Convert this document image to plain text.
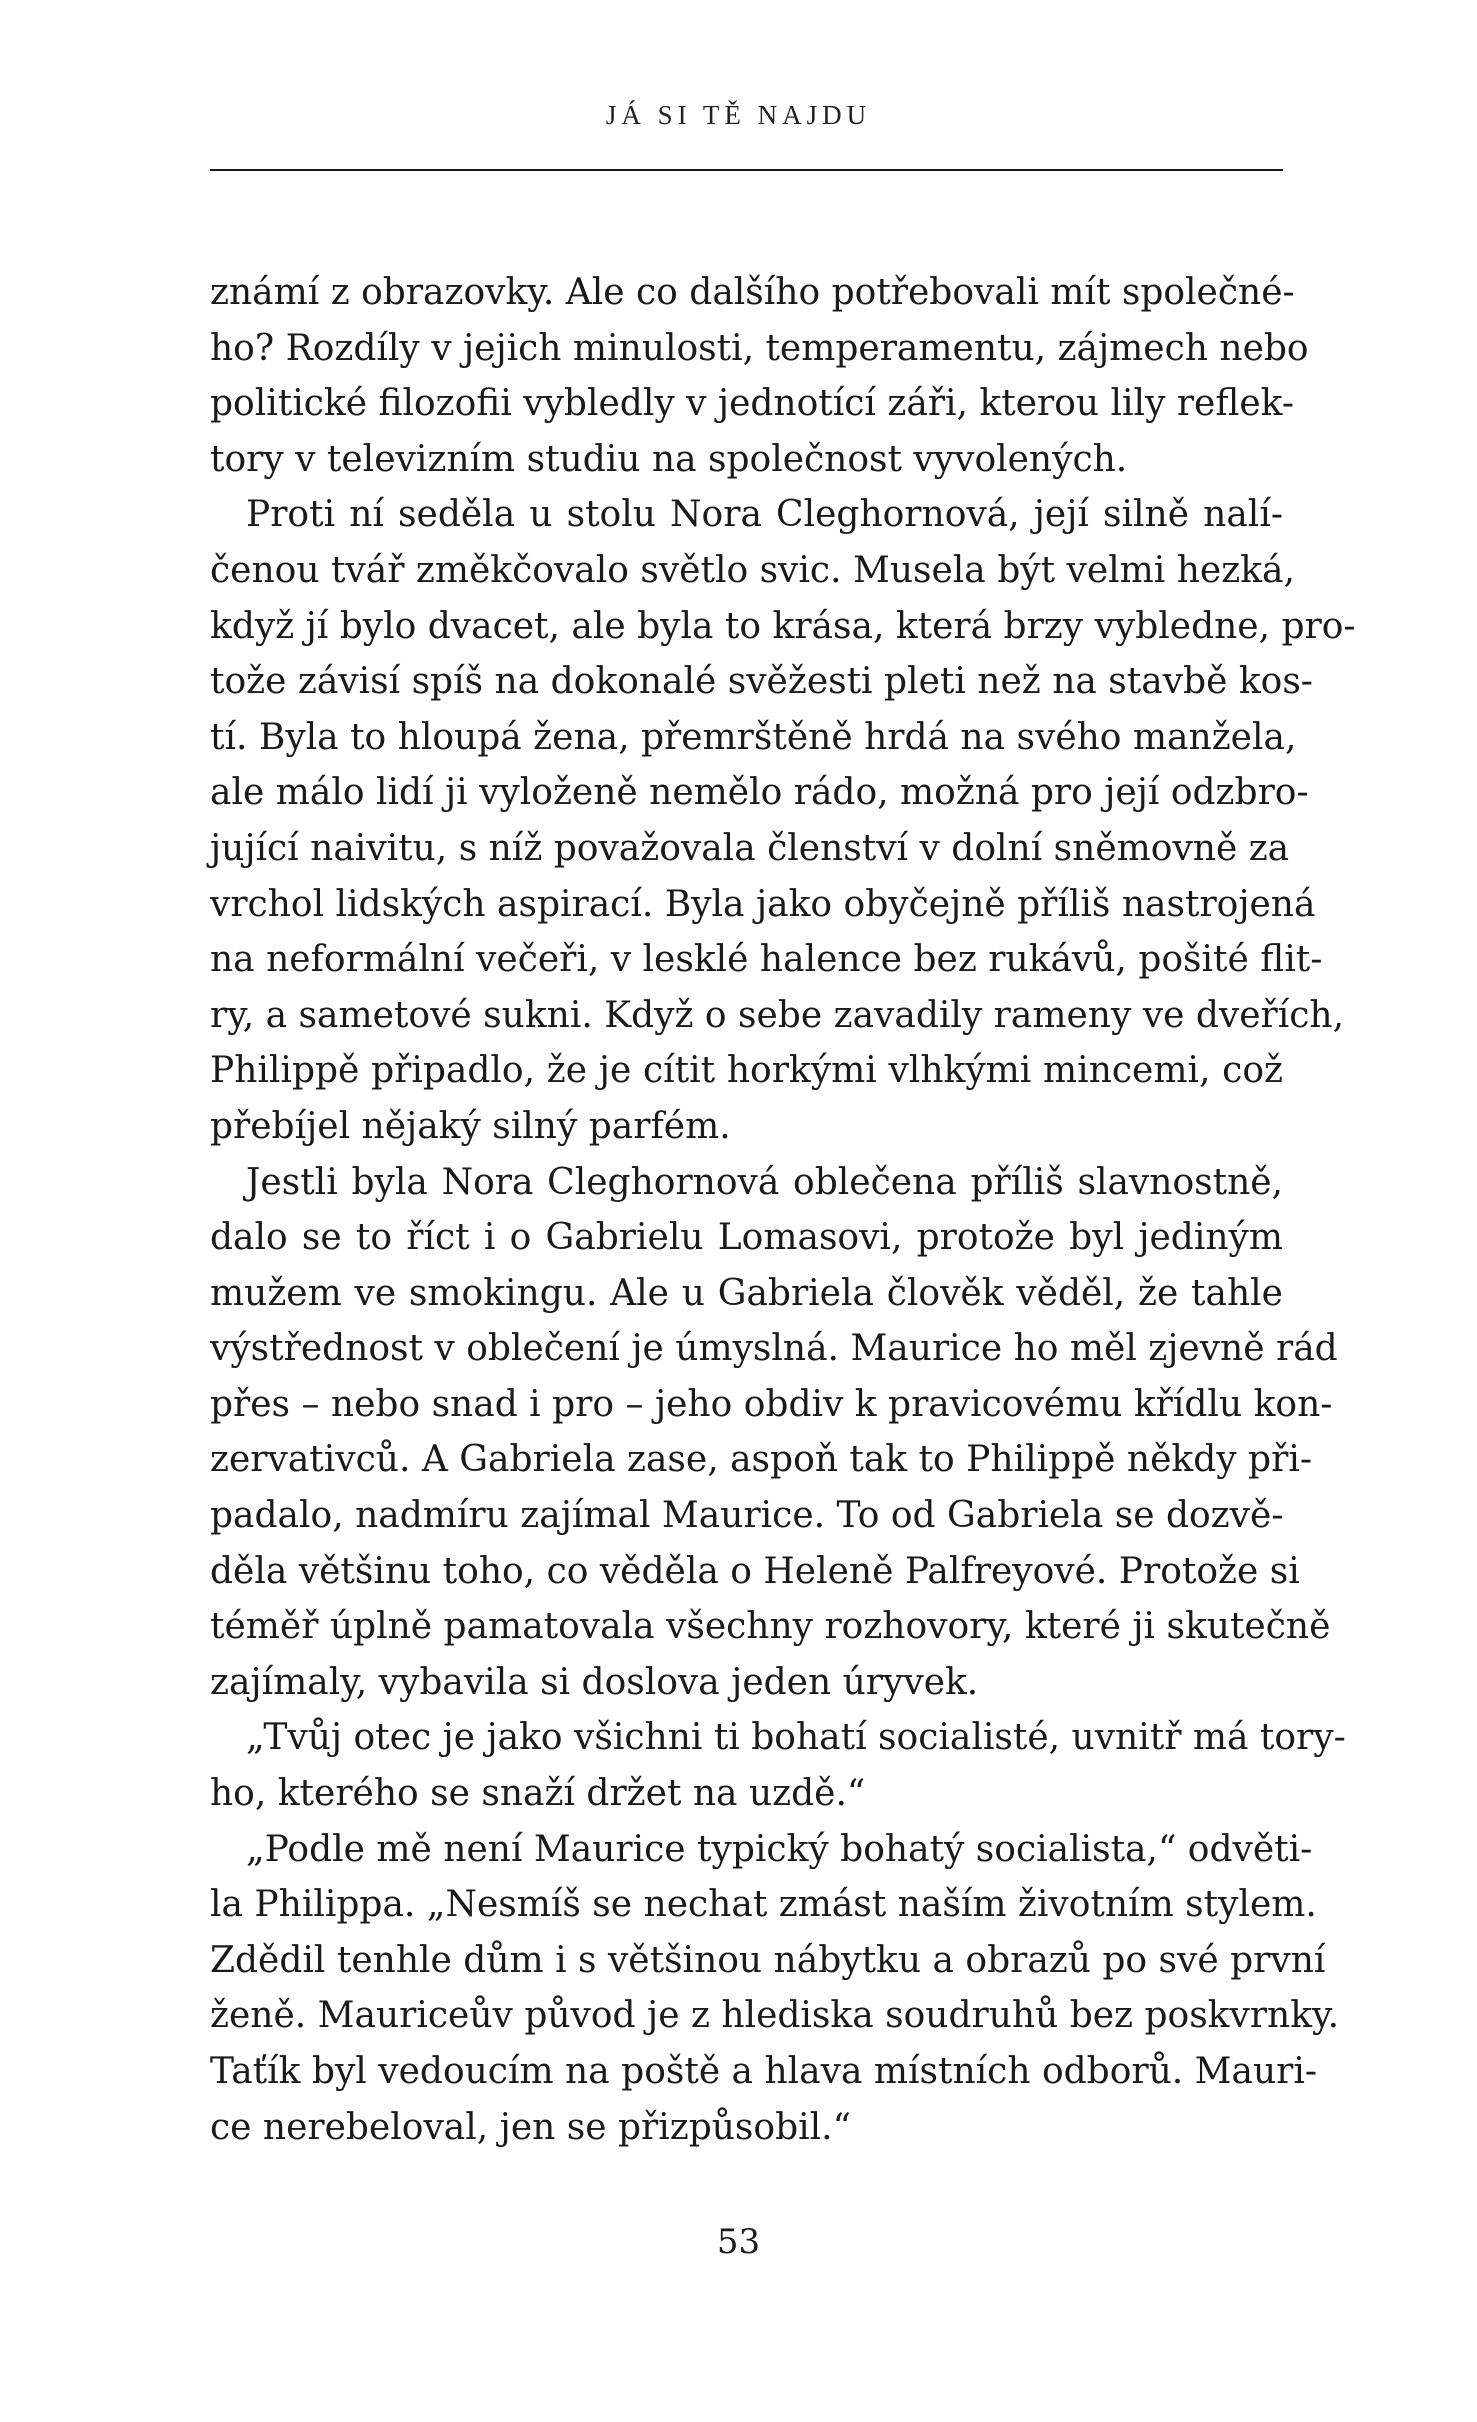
JÁ SI TĚ NAJDU
známí z obrazovky. Ale co dalšího potřebovali mít společné-
ho? Rozdíly v jejich minulosti, temperamentu, zájmech nebo
politické filozofii vybledly v jednotící záři, kterou lily reflek-
tory v televizním studiu na společnost vyvolených.
Proti ní seděla u stolu Nora Cleghornová, její silně nalí-
čenou tvář změkčovalo světlo svic. Musela být velmi hezká,
když jí bylo dvacet, ale byla to krása, která brzy vybledne, pro-
tože závisí spíš na dokonalé svěžesti pleti než na stavbě kos-
tí. Byla to hloupá žena, přemrštěně hrdá na svého manžela,
ale málo lidí ji vyloženě nemělo rádo, možná pro její odzbro-
jující naivitu, s níž považovala členství v dolní sněmovně za
vrchol lidských aspirací. Byla jako obyčejně příliš nastrojená
na neformální večeři, v lesklé halence bez rukávů, pošité flit-
ry, a sametové sukni. Když o sebe zavadily rameny ve dveřích,
Philippě připadlo, že je cítit horkými vlhkými mincemi, což
přebíjel nějaký silný parfém.
Jestli byla Nora Cleghornová oblečena příliš slavnostně,
dalo se to říct i o Gabrielu Lomasovi, protože byl jediným
mužem ve smokingu. Ale u Gabriela člověk věděl, že tahle
výstřednost v oblečení je úmyslná. Maurice ho měl zjevně rád
přes – nebo snad i pro – jeho obdiv k pravicovému křídlu kon-
zervativců. A Gabriela zase, aspoň tak to Philippě někdy při-
padalo, nadmíru zajímal Maurice. To od Gabriela se dozvě-
děla většinu toho, co věděla o Heleně Palfreyové. Protože si
téměř úplně pamatovala všechny rozhovory, které ji skutečně
zajímaly, vybavila si doslova jeden úryvek.
„Tvůj otec je jako všichni ti bohatí socialisté, uvnitř má tory-
ho, kterého se snaží držet na uzdě.“
„Podle mě není Maurice typický bohatý socialista,“ odvěti-
la Philippa. „Nesmíš se nechat zmást naším životním stylem.
Zdědil tenhle dům i s většinou nábytku a obrazů po své první
ženě. Mauriceův původ je z hlediska soudruhů bez poskvrnky.
Taťík byl vedoucím na poště a hlava místních odborů. Mauri-
ce nerebeloval, jen se přizpůsobil.“
53
